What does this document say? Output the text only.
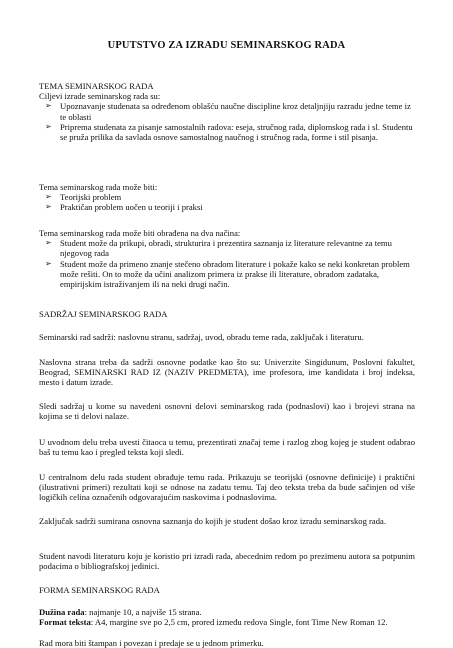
UPUTSTVO ZA IZRADU SEMINARSKOG RADA
TEMA SEMINARSKOG RADA
Ciljevi izrade seminarskog rada su:
➢ Upoznavanje studenata sa određenom oblašću naučne discipline kroz detaljnjiju razradu jedne teme iz te oblasti
➢ Priprema studenata za pisanje samostalnih radova: eseja, stručnog rada, diplomskog rada i sl. Studentu se pruža prilika da savlada osnove samostalnog naučnog i stručnog rada, forme i stil pisanja.
Tema seminarskog rada može biti:
➢ Teorijski problem
➢ Praktičan problem uočen u teoriji i praksi
Tema seminarskog rada može biti obrađena na dva načina:
➢ Student može da prikupi, obradi, strukturira i prezentira saznanja iz literature relevantne za temu njegovog rada
➢ Student može da primeno znanje stečeno obradom literature i pokaže kako se neki konkretan problem može rešiti. On to može da učini analizom primera iz prakse ili literature, obradom zadataka, empirijskim istraživanjem ili na neki drugi način.
SADRŽAJ SEMINARSKOG RADA
Seminarski rad sadrži: naslovnu stranu, sadržaj, uvod, obradu teme rada, zaključak i literaturu.
Naslovna strana treba da sadrži osnovne podatke kao što su: Univerzite Singidunum, Poslovni fakultet, Beograd, SEMINARSKI RAD IZ (NAZIV PREDMETA), ime profesora, ime kandidata i broj indeksa, mesto i datum izrade.
Sledi sadržaj u kome su navedeni osnovni delovi seminarskog rada (podnaslovi) kao i brojevi strana na kojima se ti delovi nalaze.
U uvodnom delu treba uvesti čitaoca u temu, prezentirati značaj teme i razlog zbog kojeg je student odabrao baš tu temu kao i pregled teksta koji sledi.
U centralnom delu rada student obrađuje temu rada. Prikazuju se teorijski (osnovne definicije) i praktični (ilustrativni primeri) rezultati koji se odnose na zadatu temu. Taj deo teksta treba da bude sačinjen od više logičkih celina označenih odgovarajućim naskovima i podnaslovima.
Zaključak sadrži sumirana osnovna saznanja do kojih je student došao kroz izradu seminarskog rada.
Student navodi literaturu koju je koristio pri izradi rada, abecednim redom po prezimenu autora sa potpunim podacima o bibliografskoj jedinici.
FORMA SEMINARSKOG RADA
Dužina rada: najmanje 10, a najviše 15 strana.
Format teksta: A4, margine sve po 2,5 cm, prored između redova Single, font Time New Roman 12.
Rad mora biti štampan i povezan i predaje se u jednom primerku.
